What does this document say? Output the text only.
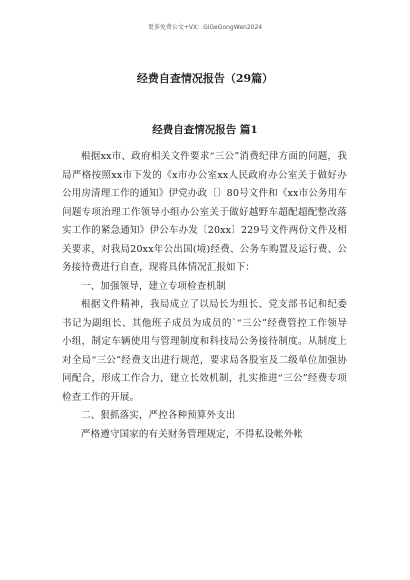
更多免费公文+VX：GiGeGongWen2024
经费自查情况报告（29篇）
经费自查情况报告 篇1

根据xx市、政府相关文件要求“三公”消费纪律方面的问题，我局严格按照xx市下发的《x市办公室xx人民政府办公室关于做好办公用房清理工作的通知》伊党办政〔〕80号文件和《xx市公务用车问题专项治理工作领导小组办公室关于做好越野车超配超配整改落实工作的紧急通知》伊公车办发〔20xx〕229号文件两份文件及相关要求，对我局20xx年公出国(境)经费、公务车购置及运行费、公务接待费进行自查，现将具体情况汇报如下：

一、加强领导，建立专项检查机制

根据文件精神，我局成立了以局长为组长、党支部书记和纪委书记为副组长、其他班子成员为成员的`“三公”经费管控工作领导小组，制定车辆使用与管理制度和科技局公务接待制度。从制度上对全局“三公”经费支出进行规范，要求局各股室及二级单位加强协同配合，形成工作合力，建立长效机制，扎实推进“三公”经费专项检查工作的开展。

二、狠抓落实，严控各种预算外支出

严格遵守国家的有关财务管理规定，不得私设帐外帐
